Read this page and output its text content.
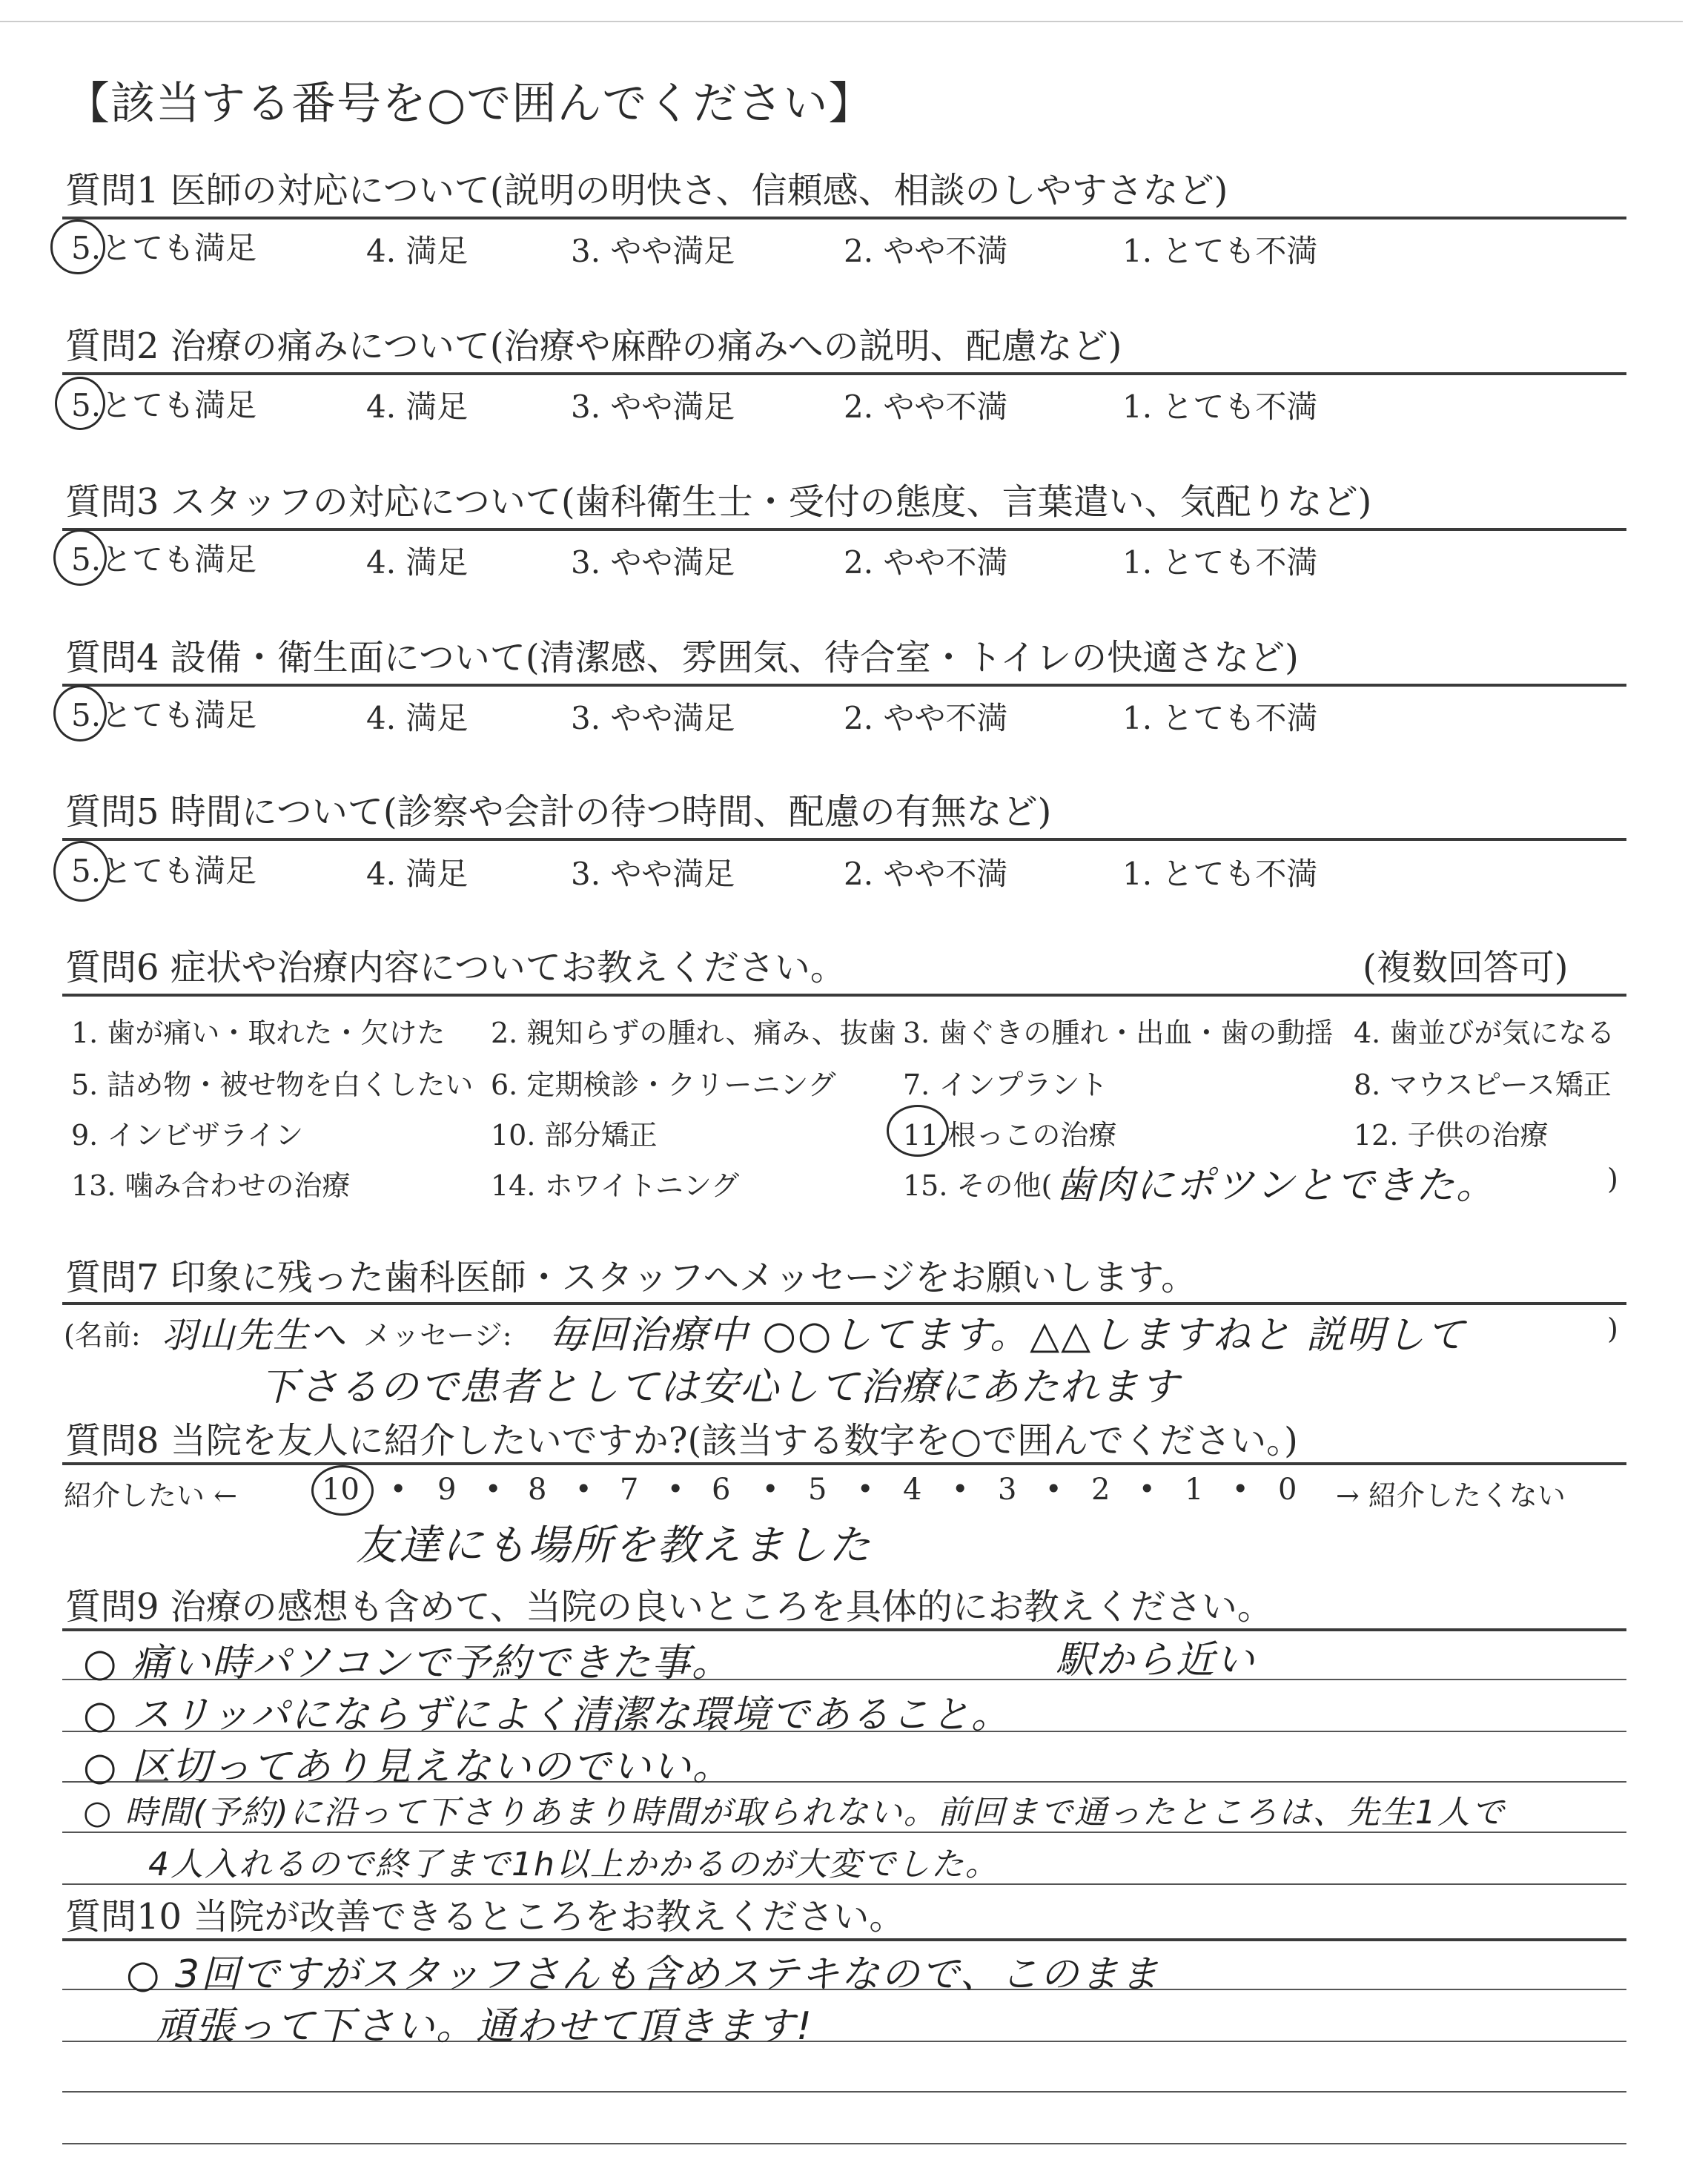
【該当する番号を○で囲んでください】
質問1 医師の対応について(説明の明快さ、信頼感、相談のしやすさなど)
5.とても満足	4. 満足	3. やや満足	2. やや不満	1. とても不満
質問2 治療の痛みについて(治療や麻酔の痛みへの説明、配慮など)
5.とても満足	4. 満足	3. やや満足	2. やや不満	1. とても不満
質問3 スタッフの対応について(歯科衛生士・受付の態度、言葉遣い、気配りなど)
5.とても満足	4. 満足	3. やや満足	2. やや不満	1. とても不満
質問4 設備・衛生面について(清潔感、雰囲気、待合室・トイレの快適さなど)
5.とても満足	4. 満足	3. やや満足	2. やや不満	1. とても不満
質問5 時間について(診察や会計の待つ時間、配慮の有無など)
5.とても満足	4. 満足	3. やや満足	2. やや不満	1. とても不満
質問6 症状や治療内容についてお教えください。	(複数回答可)
1. 歯が痛い・取れた・欠けた 2. 親知らずの腫れ、痛み、抜歯 3. 歯ぐきの腫れ・出血・歯の動揺 4. 歯並びが気になる
5. 詰め物・被せ物を白くしたい 6. 定期検診・クリーニング 7. インプラント	8. マウスピース矯正
9. インビザライン	10. 部分矯正	11.根っこの治療	12. 子供の治療
13. 噛み合わせの治療	14. ホワイトニング	15. その他(	)
歯肉にポツンとできた。
質問7 印象に残った歯科医師・スタッフへメッセージをお願いします。
(名前: 羽山先生へ メッセージ: 毎回治療中 ○○してます。△△しますねと 説明して
下さるので患者としては安心して治療にあたれます
)
質問8 当院を友人に紹介したいですか?(該当する数字を○で囲んでください。)
紹介したい ←	10	9 8 7 6	5	4	3	2	1	0
•	•	•	•	•	•	•	•	•	•	→ 紹介したくない
友達にも場所を教えました
質問9 治療の感想も含めて、当院の良いところを具体的にお教えください。
○ 痛い時パソコンで予約できた事。	駅から近い
○ スリッパにならずによく清潔な環境であること。
○ 区切ってあり見えないのでいい。
○ 時間(予約)に沿って下さりあまり時間が取られない。前回まで通ったところは、先生1人で
4人入れるので終了まで1h以上かかるのが大変でした。
質問10 当院が改善できるところをお教えください。
○ 3回ですがスタッフさんも含めステキなので、このまま
頑張って下さい。通わせて頂きます!
